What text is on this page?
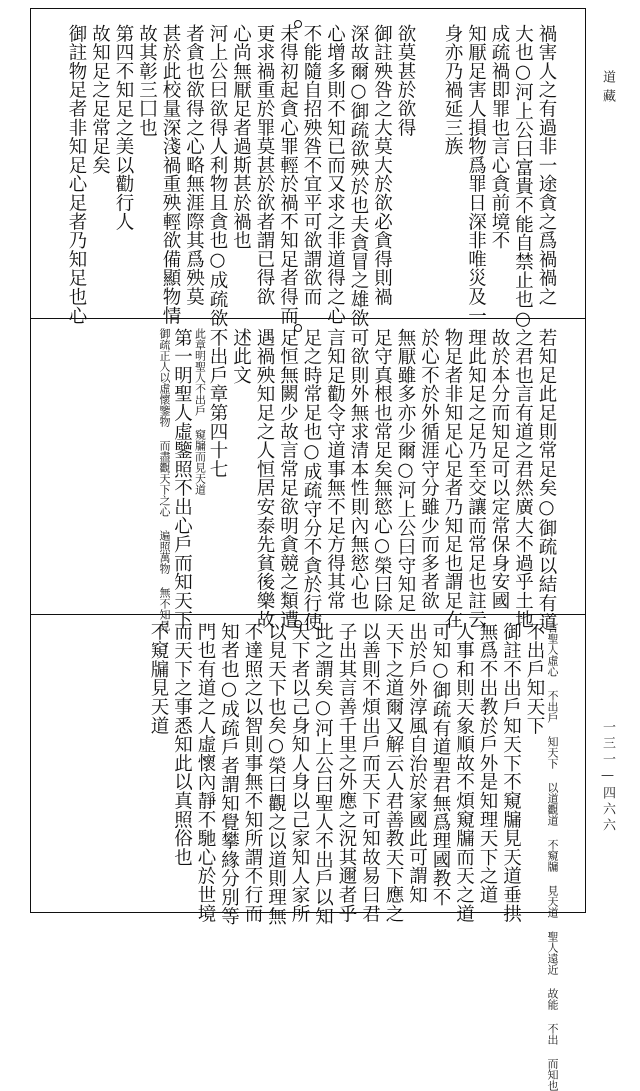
道藏
一三一—四六六
禍害人之有過非一途貪之爲禍禍之
大也○河上公曰富貴不能自禁止也○
成疏禍即罪也言心貪前境不
知厭足害人損物爲罪日深非唯災及一
身亦乃禍延三族
欲莫甚於欲得
御註殃咎之大莫大於欲必貪得則禍
深故爾○御疏欲殃於也夫貪冒之雄欲
心增多則不知已而又求之非道得之心
不能隨自招殃咎不宜平可欲謂欲而
未得初起貪心罪輕於禍不知足者得而
更求禍重於罪莫甚於欲者謂已得欲
心尚無厭足者過斯甚於禍也
河上公曰欲得人利物且貪也○成疏欲
者貪也欲得之心略無涯際其爲殃莫
甚於此校量深淺禍重殃輕欲備顯物情
故其彰三囗也
第四不知足之美以勸行人
故知足之足常足矣
御註物足者非知足心足者乃知足也心
若知足此足則常足矣○御疏以結有道
之君也言有道之君然廣大不過乎土地
故於本分而知足可以定常保身安國
理此知足之足乃至交讓而常足也註云
物足者非知足心足者乃知足也謂足在
於心不於外循涯守分雖少而多者欲
無厭雖多亦少爾○河上公曰守知足
足守真根也常足矣無慾心○榮曰除
可欲則外無求清本性則內無慾心也
言知足勸令守道事無不足方得其常
足之時常足也○成疏守分不貪於行使
足恒無闕少故言常足欲明貪競之類遭
遇禍殃知足之人恒居安泰先貧後樂故
述此文
不出戶章第四十七
此章明聖人不出戶 窺牖而見天道
第一明聖人虛鑒照不出心戶而知天下
御疏正人以虛懷鑒物 而盡觀天下之心 遍照萬物 無不知見
言聖人虛心 不出戶 知天下 以道觀道 不窺牖 見天道 聖人遠近 故能 不出 而知也
不出戶知天下
御註不出戶知天下不窺牖見天道垂拱
無爲不出教於戶外是知理天下之道
人事和則天象順故不煩窺牖而天之道
可知○御疏有道聖君無爲理國教不
出於戶外淳風自治於家國此可謂知
天下之道爾又解云人君善教天下應之
以善則不煩出戶而天下可知故易曰君
子出其言善千里之外應之況其邇者乎
此之謂矣○河上公曰聖人不出戶以知
天下者以己身知人身以己家知人家所
以見天下也矣○榮曰觀之以道則理無
不達照之以智則事無不知所謂不行而
知者也○成疏戶者謂知覺攀緣分別等
門也有道之人虛懷內靜不馳心於世境
而天下之事悉知此以真照俗也
不窺牖見天道
